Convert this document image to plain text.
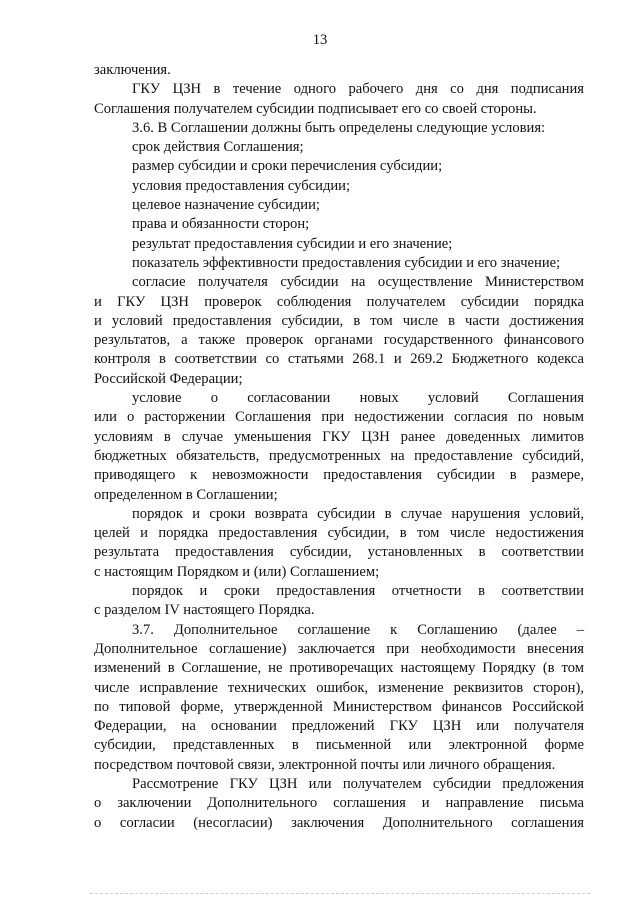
13
заключения.
ГКУ ЦЗН в течение одного рабочего дня со дня подписания
Соглашения получателем субсидии подписывает его со своей стороны.
3.6. В Соглашении должны быть определены следующие условия:
срок действия Соглашения;
размер субсидии и сроки перечисления субсидии;
условия предоставления субсидии;
целевое назначение субсидии;
права и обязанности сторон;
результат предоставления субсидии и его значение;
показатель эффективности предоставления субсидии и его значение;
согласие получателя субсидии на осуществление Министерством
и ГКУ ЦЗН проверок соблюдения получателем субсидии порядка
и условий предоставления субсидии, в том числе в части достижения
результатов, а также проверок органами государственного финансового
контроля в соответствии со статьями 268.1 и 269.2 Бюджетного кодекса
Российской Федерации;
условие о согласовании новых условий Соглашения
или о расторжении Соглашения при недостижении согласия по новым
условиям в случае уменьшения ГКУ ЦЗН ранее доведенных лимитов
бюджетных обязательств, предусмотренных на предоставление субсидий,
приводящего к невозможности предоставления субсидии в размере,
определенном в Соглашении;
порядок и сроки возврата субсидии в случае нарушения условий,
целей и порядка предоставления субсидии, в том числе недостижения
результата предоставления субсидии, установленных в соответствии
с настоящим Порядком и (или) Соглашением;
порядок и сроки предоставления отчетности в соответствии
с разделом IV настоящего Порядка.
3.7. Дополнительное соглашение к Соглашению (далее –
Дополнительное соглашение) заключается при необходимости внесения
изменений в Соглашение, не противоречащих настоящему Порядку (в том
числе исправление технических ошибок, изменение реквизитов сторон),
по типовой форме, утвержденной Министерством финансов Российской
Федерации, на основании предложений ГКУ ЦЗН или получателя
субсидии, представленных в письменной или электронной форме
посредством почтовой связи, электронной почты или личного обращения.
Рассмотрение ГКУ ЦЗН или получателем субсидии предложения
о заключении Дополнительного соглашения и направление письма
о согласии (несогласии) заключения Дополнительного соглашения
